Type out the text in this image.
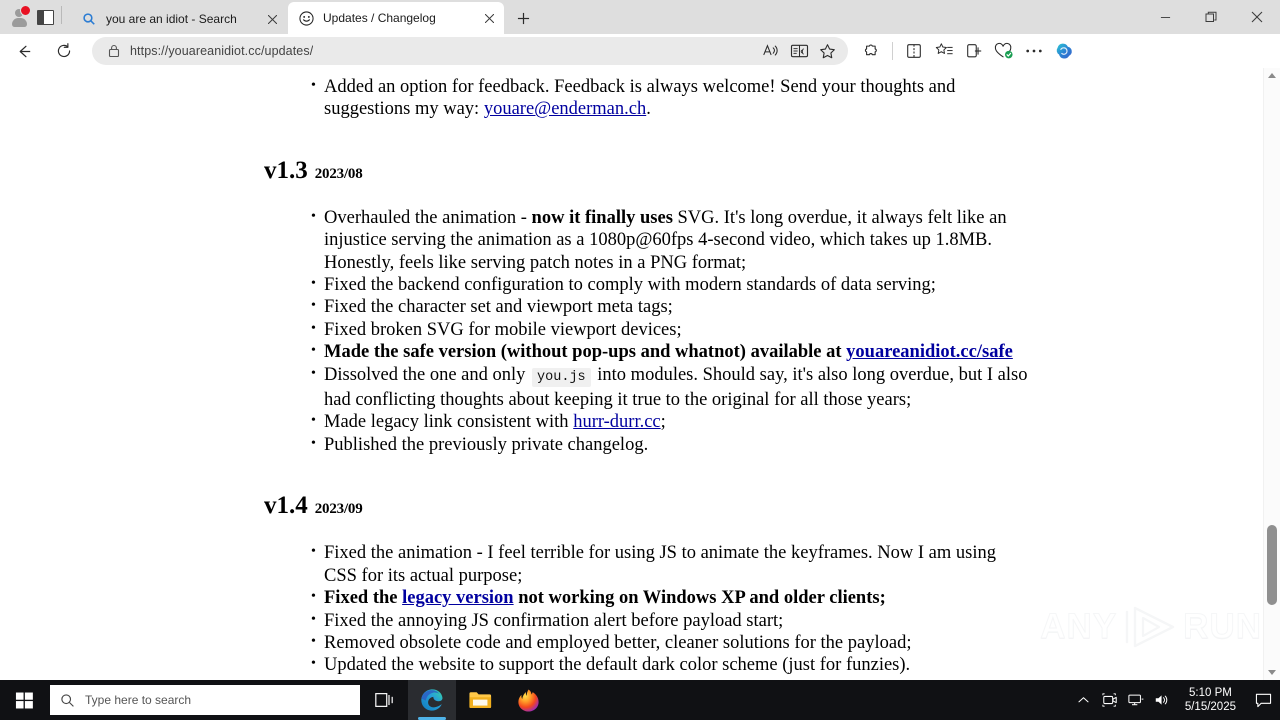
you are an idiot - Search	Updates / Changelog
https://youareanidiot.cc/updates/
• Added an option for feedback. Feedback is always welcome! Send your thoughts and suggestions my way: youare@enderman.ch.
v1.3 2023/08
• Overhauled the animation - now it finally uses SVG. It's long overdue, it always felt like an injustice serving the animation as a 1080p@60fps 4-second video, which takes up 1.8MB. Honestly, feels like serving patch notes in a PNG format;
• Fixed the backend configuration to comply with modern standards of data serving;
• Fixed the character set and viewport meta tags;
• Fixed broken SVG for mobile viewport devices;
• Made the safe version (without pop-ups and whatnot) available at youareanidiot.cc/safe
• Dissolved the one and only you.js into modules. Should say, it's also long overdue, but I also had conflicting thoughts about keeping it true to the original for all those years;
• Made legacy link consistent with hurr-durr.cc;
• Published the previously private changelog.
v1.4 2023/09
• Fixed the animation - I feel terrible for using JS to animate the keyframes. Now I am using CSS for its actual purpose;
• Fixed the legacy version not working on Windows XP and older clients;
• Fixed the annoying JS confirmation alert before payload start;
• Removed obsolete code and employed better, cleaner solutions for the payload;
• Updated the website to support the default dark color scheme (just for funzies).
ANY RUN
Type here to search	5:10 PM
5/15/2025
